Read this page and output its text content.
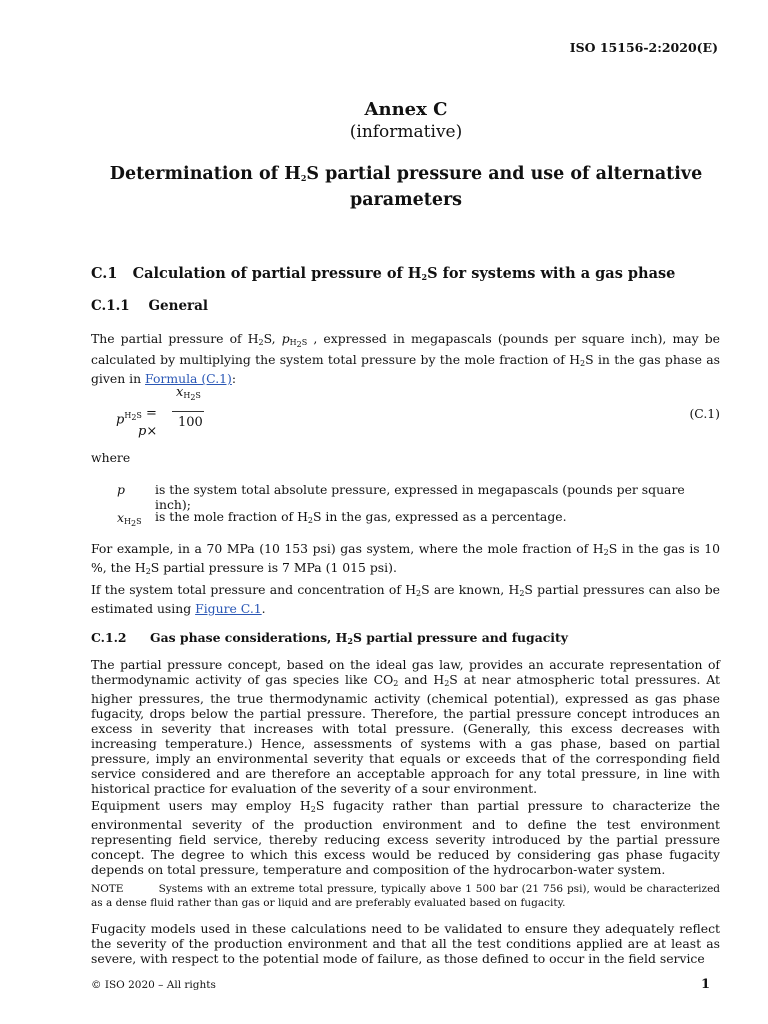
ISO 15156-2:2020(E)
Annex C
(informative)
Determination of $H_2S$ partial pressure and use of alternative
parameters
C.1 Calculation of partial pressure of $H_2S$ for systems with a gas phase
C.1.1 General
The partial pressure of $H_2S$, $p_{H_2S}$ , expressed in megapascals (pounds per square inch), may be calculated by multiplying the system total pressure by the mole fraction of $H_2S$ in the gas phase as given in Formula (C.1):
$x_{H_2S}$
100
$p^{H_2S}$ =
p×
(C.1)
where
p is the system total absolute pressure, expressed in megapascals (pounds per square inch);
$x_{H_2S}$ is the mole fraction of $H_2S$ in the gas, expressed as a percentage.
For example, in a 70 MPa (10 153 psi) gas system, where the mole fraction of $H_2S$ in the gas is 10 %, the $H_2S$ partial pressure is 7 MPa (1 015 psi).
If the system total pressure and concentration of $H_2S$ are known, $H_2S$ partial pressures can also be estimated using Figure C.1.
C.1.2 Gas phase considerations, $H_2S$ partial pressure and fugacity
The partial pressure concept, based on the ideal gas law, provides an accurate representation of thermodynamic activity of gas species like $CO_2$ and $H_2S$ at near atmospheric total pressures. At higher pressures, the true thermodynamic activity (chemical potential), expressed as gas phase fugacity, drops below the partial pressure. Therefore, the partial pressure concept introduces an excess in severity that increases with total pressure. (Generally, this excess decreases with increasing temperature.) Hence, assessments of systems with a gas phase, based on partial pressure, imply an environmental severity that equals or exceeds that of the corresponding field service considered and are therefore an acceptable approach for any total pressure, in line with historical practice for evaluation of the severity of a sour environment.
Equipment users may employ $H_2S$ fugacity rather than partial pressure to characterize the environmental severity of the production environment and to define the test environment representing field service, thereby reducing excess severity introduced by the partial pressure concept. The degree to which this excess would be reduced by considering gas phase fugacity depends on total pressure, temperature and composition of the hydrocarbon-water system.
NOTE	Systems with an extreme total pressure, typically above 1 500 bar (21 756 psi), would be characterized as a dense fluid rather than gas or liquid and are preferably evaluated based on fugacity.
Fugacity models used in these calculations need to be validated to ensure they adequately reflect the severity of the production environment and that all the test conditions applied are at least as severe, with respect to the potential mode of failure, as those defined to occur in the field service
© ISO 2020 – All rights	1
